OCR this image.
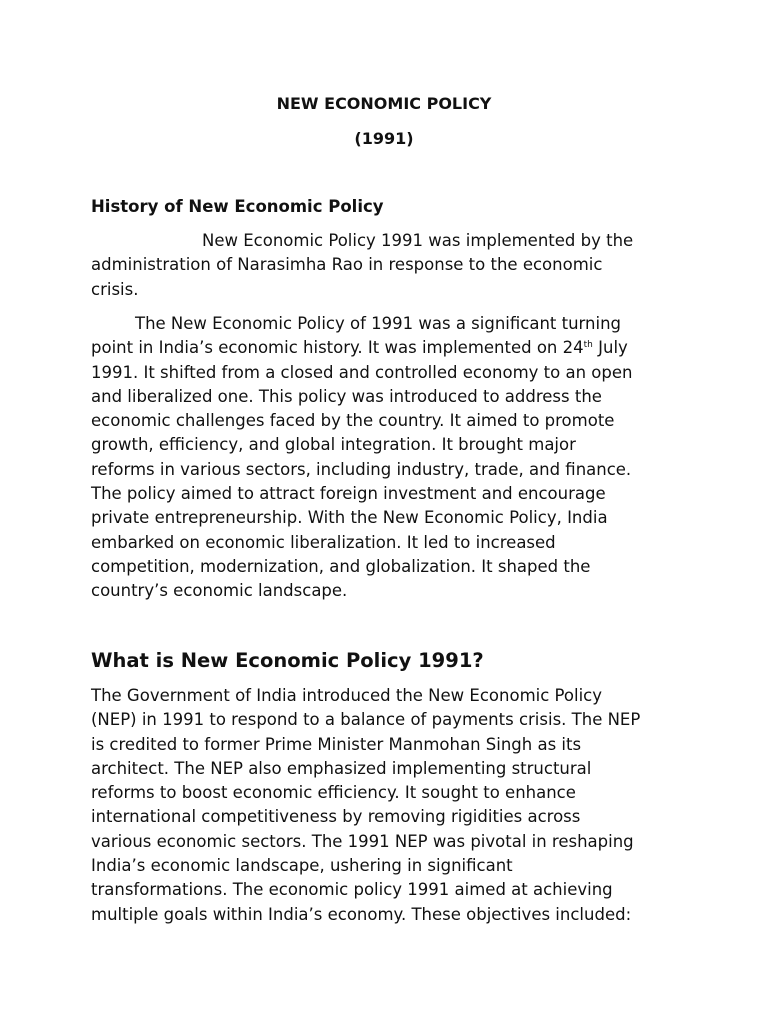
NEW ECONOMIC POLICY
(1991)
History of New Economic Policy
New Economic Policy 1991 was implemented by the
administration of Narasimha Rao in response to the economic
crisis.
The New Economic Policy of 1991 was a significant turning
point in India’s economic history. It was implemented on 24th July
1991. It shifted from a closed and controlled economy to an open
and liberalized one. This policy was introduced to address the
economic challenges faced by the country. It aimed to promote
growth, efficiency, and global integration. It brought major
reforms in various sectors, including industry, trade, and finance.
The policy aimed to attract foreign investment and encourage
private entrepreneurship. With the New Economic Policy, India
embarked on economic liberalization. It led to increased
competition, modernization, and globalization. It shaped the
country’s economic landscape.
What is New Economic Policy 1991?
The Government of India introduced the New Economic Policy
(NEP) in 1991 to respond to a balance of payments crisis. The NEP
is credited to former Prime Minister Manmohan Singh as its
architect. The NEP also emphasized implementing structural
reforms to boost economic efficiency. It sought to enhance
international competitiveness by removing rigidities across
various economic sectors. The 1991 NEP was pivotal in reshaping
India’s economic landscape, ushering in significant
transformations. The economic policy 1991 aimed at achieving
multiple goals within India’s economy. These objectives included:
